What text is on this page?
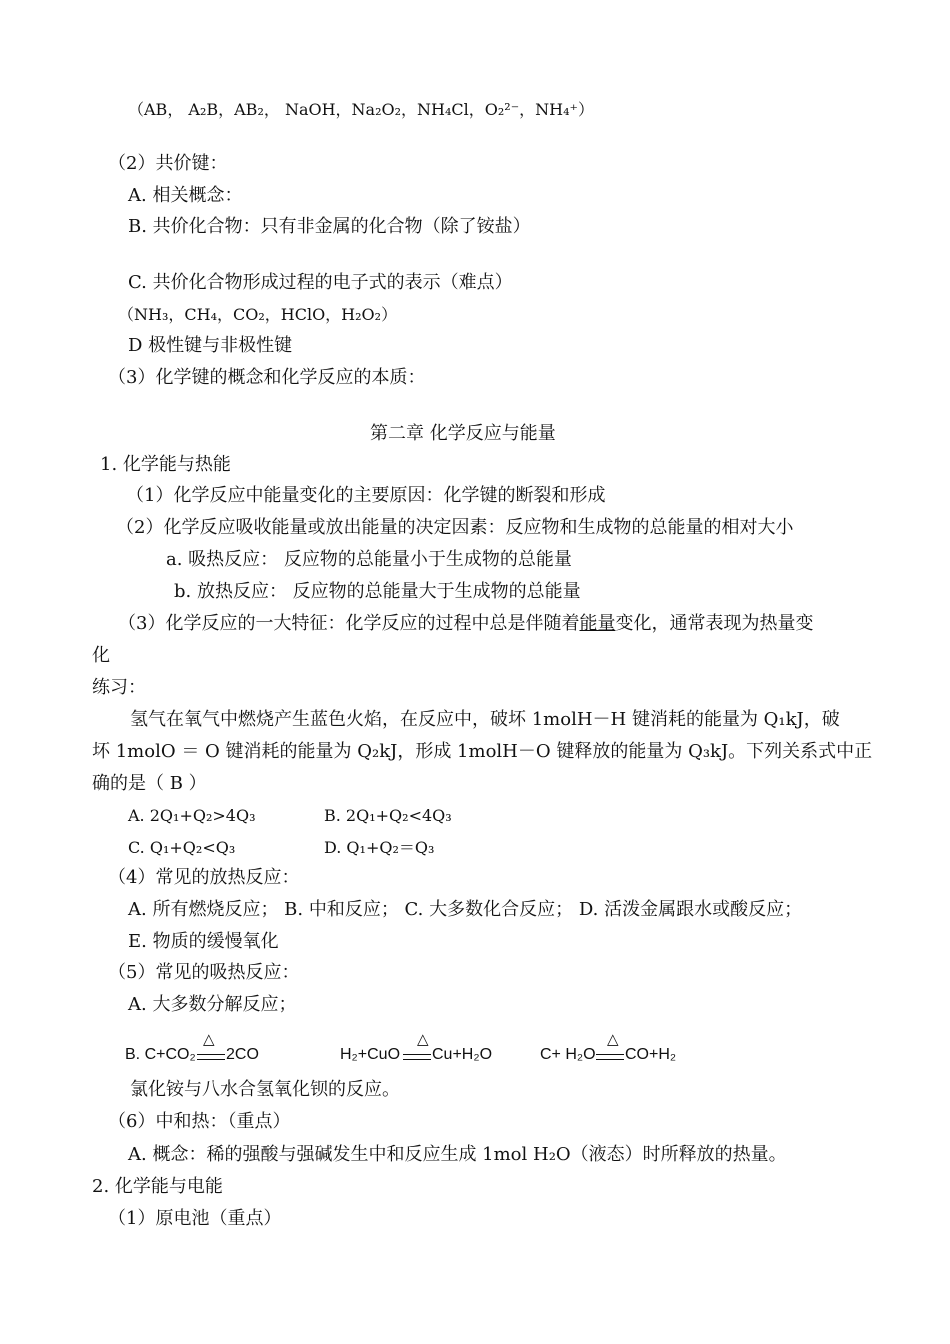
（AB， A₂B，AB₂， NaOH，Na₂O₂，NH₄Cl，O₂²⁻，NH₄⁺）
（2）共价键：
A. 相关概念：
B. 共价化合物：只有非金属的化合物（除了铵盐）
C. 共价化合物形成过程的电子式的表示（难点）
（NH₃，CH₄，CO₂，HClO，H₂O₂）
D 极性键与非极性键
（3）化学键的概念和化学反应的本质：
第二章 化学反应与能量
1. 化学能与热能
（1）化学反应中能量变化的主要原因：化学键的断裂和形成
（2）化学反应吸收能量或放出能量的决定因素：反应物和生成物的总能量的相对大小
a. 吸热反应： 反应物的总能量小于生成物的总能量
b. 放热反应： 反应物的总能量大于生成物的总能量
（3）化学反应的一大特征：化学反应的过程中总是伴随着能量变化，通常表现为热量变
化
练习：
氢气在氧气中燃烧产生蓝色火焰，在反应中，破坏 1molH－H 键消耗的能量为 Q₁kJ，破
坏 1molO ＝ O 键消耗的能量为 Q₂kJ，形成 1molH－O 键释放的能量为 Q₃kJ。下列关系式中正
确的是（ B ）
A. 2Q₁+Q₂>4Q₃	B. 2Q₁+Q₂<4Q₃
C. Q₁+Q₂<Q₃	D. Q₁+Q₂＝Q₃
（4）常见的放热反应：
A. 所有燃烧反应； B. 中和反应； C. 大多数化合反应； D. 活泼金属跟水或酸反应；
E. 物质的缓慢氧化
（5）常见的吸热反应：
A. 大多数分解反应；
B. C+CO₂
△
2CO	H₂+CuO
△
Cu+H₂O	C+ H₂O
△
CO+H₂
氯化铵与八水合氢氧化钡的反应。
（6）中和热：（重点）
A. 概念：稀的强酸与强碱发生中和反应生成 1mol H₂O（液态）时所释放的热量。
2. 化学能与电能
（1）原电池（重点）
